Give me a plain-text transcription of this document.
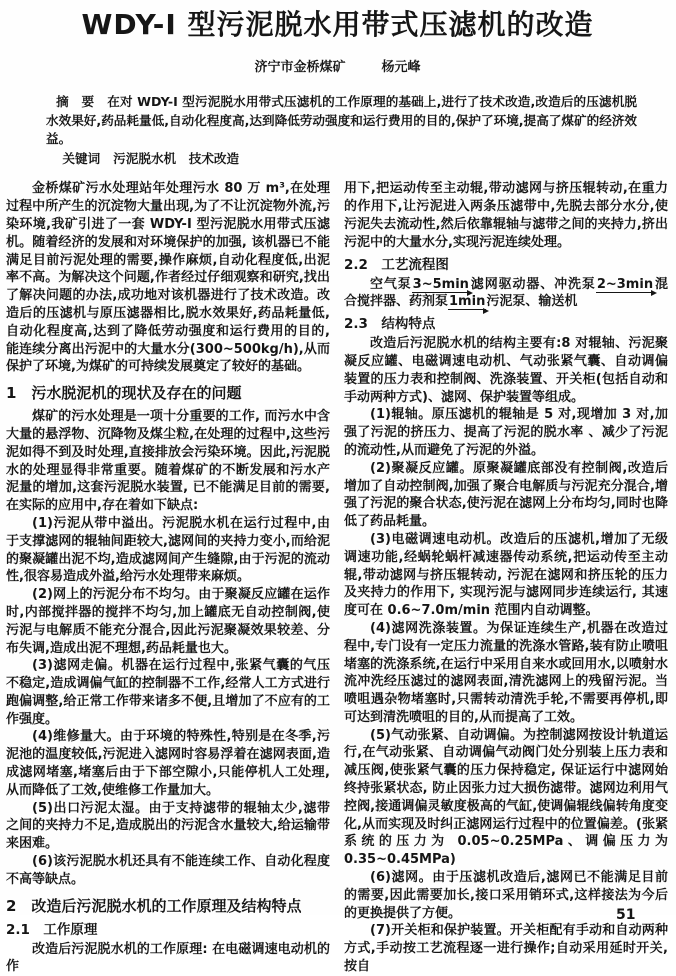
WDY-I 型污泥脱水用带式压滤机的改造
济宁市金桥煤矿	杨元峰

摘　要 在对 WDY-I 型污泥脱水用带式压滤机的工作原理的基础上,进行了技术改造,改造后的压滤机脱水效果好,药品耗量低,自动化程度高,达到降低劳动强度和运行费用的目的,保护了环境,提高了煤矿的经济效益。

关键词 污泥脱水机　技术改造

金桥煤矿污水处理站年处理污水 80 万 m³,在处理过程中所产生的沉淀物大量出现,为了不让沉淀物外流,污染环境,我矿引进了一套 WDY-I 型污泥脱水用带式压滤机。随着经济的发展和对环境保护的加强, 该机器已不能满足目前污泥处理的需要,操作麻烦,自动化程度低,出泥率不高。为解决这个问题,作者经过仔细观察和研究,找出了解决问题的办法,成功地对该机器进行了技术改造。改造后的压滤机与原压滤器相比,脱水效果好,药品耗量低,自动化程度高,达到了降低劳动强度和运行费用的目的, 能连续分离出污泥中的大量水分(300~500kg/h),从而保护了环境,为煤矿的可持续发展奠定了较好的基础。

1　污水脱泥机的现状及存在的问题

煤矿的污水处理是一项十分重要的工作, 而污水中含大量的悬浮物、沉降物及煤尘粒,在处理的过程中,这些污泥如得不到及时处理,直接排放会污染环境。因此,污泥脱水的处理显得非常重要。随着煤矿的不断发展和污水产泥量的增加,这套污泥脱水装置, 已不能满足目前的需要, 在实际的应用中,存在着如下缺点:

(1)污泥从带中溢出。污泥脱水机在运行过程中,由于支撑滤网的辊轴间距较大,滤网间的夹持力变小,而给泥的聚凝罐出泥不均,造成滤网间产生缝隙,由于污泥的流动性,很容易造成外溢,给污水处理带来麻烦。

(2)网上的污泥分布不均匀。由于聚凝反应罐在运作时,内部搅拌器的搅拌不均匀,加上罐底无自动控制阀,使污泥与电解质不能充分混合,因此污泥聚凝效果较差、分布失调,造成出泥不理想,药品耗量也大。

(3)滤网走偏。机器在运行过程中,张紧气囊的气压不稳定,造成调偏气缸的控制器不工作,经常人工方式进行跑偏调整,给正常工作带来诸多不便,且增加了不应有的工作强度。

(4)维修量大。由于环境的特殊性,特别是在冬季,污泥池的温度较低,污泥进入滤网时容易浮着在滤网表面,造成滤网堵塞,堵塞后由于下部空隙小,只能停机人工处理,从而降低了工效,使维修工作量加大。

(5)出口污泥太湿。由于支持滤带的辊轴太少,滤带之间的夹持力不足,造成脱出的污泥含水量较大,给运输带来困难。

(6)该污泥脱水机还具有不能连续工作、自动化程度不高等缺点。

2　改造后污泥脱水机的工作原理及结构特点
2.1　工作原理

改造后污泥脱水机的工作原理: 在电磁调速电动机的作

用下,把运动传至主动辊,带动滤网与挤压辊转动,在重力的作用下,让污泥进入两条压滤带中,先脱去部分水分,使污泥失去流动性,然后依靠辊轴与滤带之间的夹持力,挤出污泥中的大量水分,实现污泥连续处理。

2.2　工艺流程图

空气泵3~5min滤网驱动器、冲洗泵2~3min混合搅拌器、药剂泵1min污泥泵、输送机

2.3　结构特点

改造后污泥脱水机的结构主要有:8 对辊轴、污泥聚凝反应罐、电磁调速电动机、气动张紧气囊、自动调偏装置的压力表和控制阀、洗涤装置、开关柜(包括自动和手动两种方式)、滤网、保护装置等组成。

(1)辊轴。原压滤机的辊轴是 5 对,现增加 3 对,加强了污泥的挤压力、提高了污泥的脱水率 、减少了污泥的流动性,从而避免了污泥的外溢。

(2)聚凝反应罐。原聚凝罐底部没有控制阀,改造后增加了自动控制阀,加强了聚合电解质与污泥充分混合,增强了污泥的聚合状态,使污泥在滤网上分布均匀,同时也降低了药品耗量。

(3)电磁调速电动机。改造后的压滤机,增加了无级调速功能,经蜗轮蜗杆减速器传动系统,把运动传至主动辊,带动滤网与挤压辊转动, 污泥在滤网和挤压轮的压力及夹持力的作用下, 实现污泥与滤网同步连续运行, 其速度可在 0.6~7.0m/min 范围内自动调整。

(4)滤网洗涤装置。为保证连续生产,机器在改造过程中,专门设有一定压力流量的洗涤水管路,装有防止喷咀堵塞的洗涤系统,在运行中采用自来水或回用水,以喷射水流冲洗经压滤过的滤网表面,清洗滤网上的残留污泥。当喷咀遇杂物堵塞时,只需转动清洗手轮,不需要再停机,即可达到清洗喷咀的目的,从而提高了工效。

(5)气动张紧、自动调偏。为控制滤网按设计轨道运行,在气动张紧、自动调偏气动阀门处分别装上压力表和减压阀,使张紧气囊的压力保持稳定, 保证运行中滤网始终持张紧状态, 防止因张力过大损伤滤带。滤网边利用气控阀,接通调偏灵敏度极高的气缸,使调偏辊线偏转角度变化,从而实现及时纠正滤网运行过程中的位置偏差。(张紧系统的压力为 0.05~0.25MPa、调偏压力为 0.35~0.45MPa)

(6)滤网。由于压滤机改造后,滤网已不能满足目前的需要,因此需要加长,接口采用销环式,这样接法为今后的更换提供了方便。

(7)开关柜和保护装置。开关柜配有手动和自动两种方式,手动按工艺流程逐一进行操作;自动采用延时开关,按自

51
